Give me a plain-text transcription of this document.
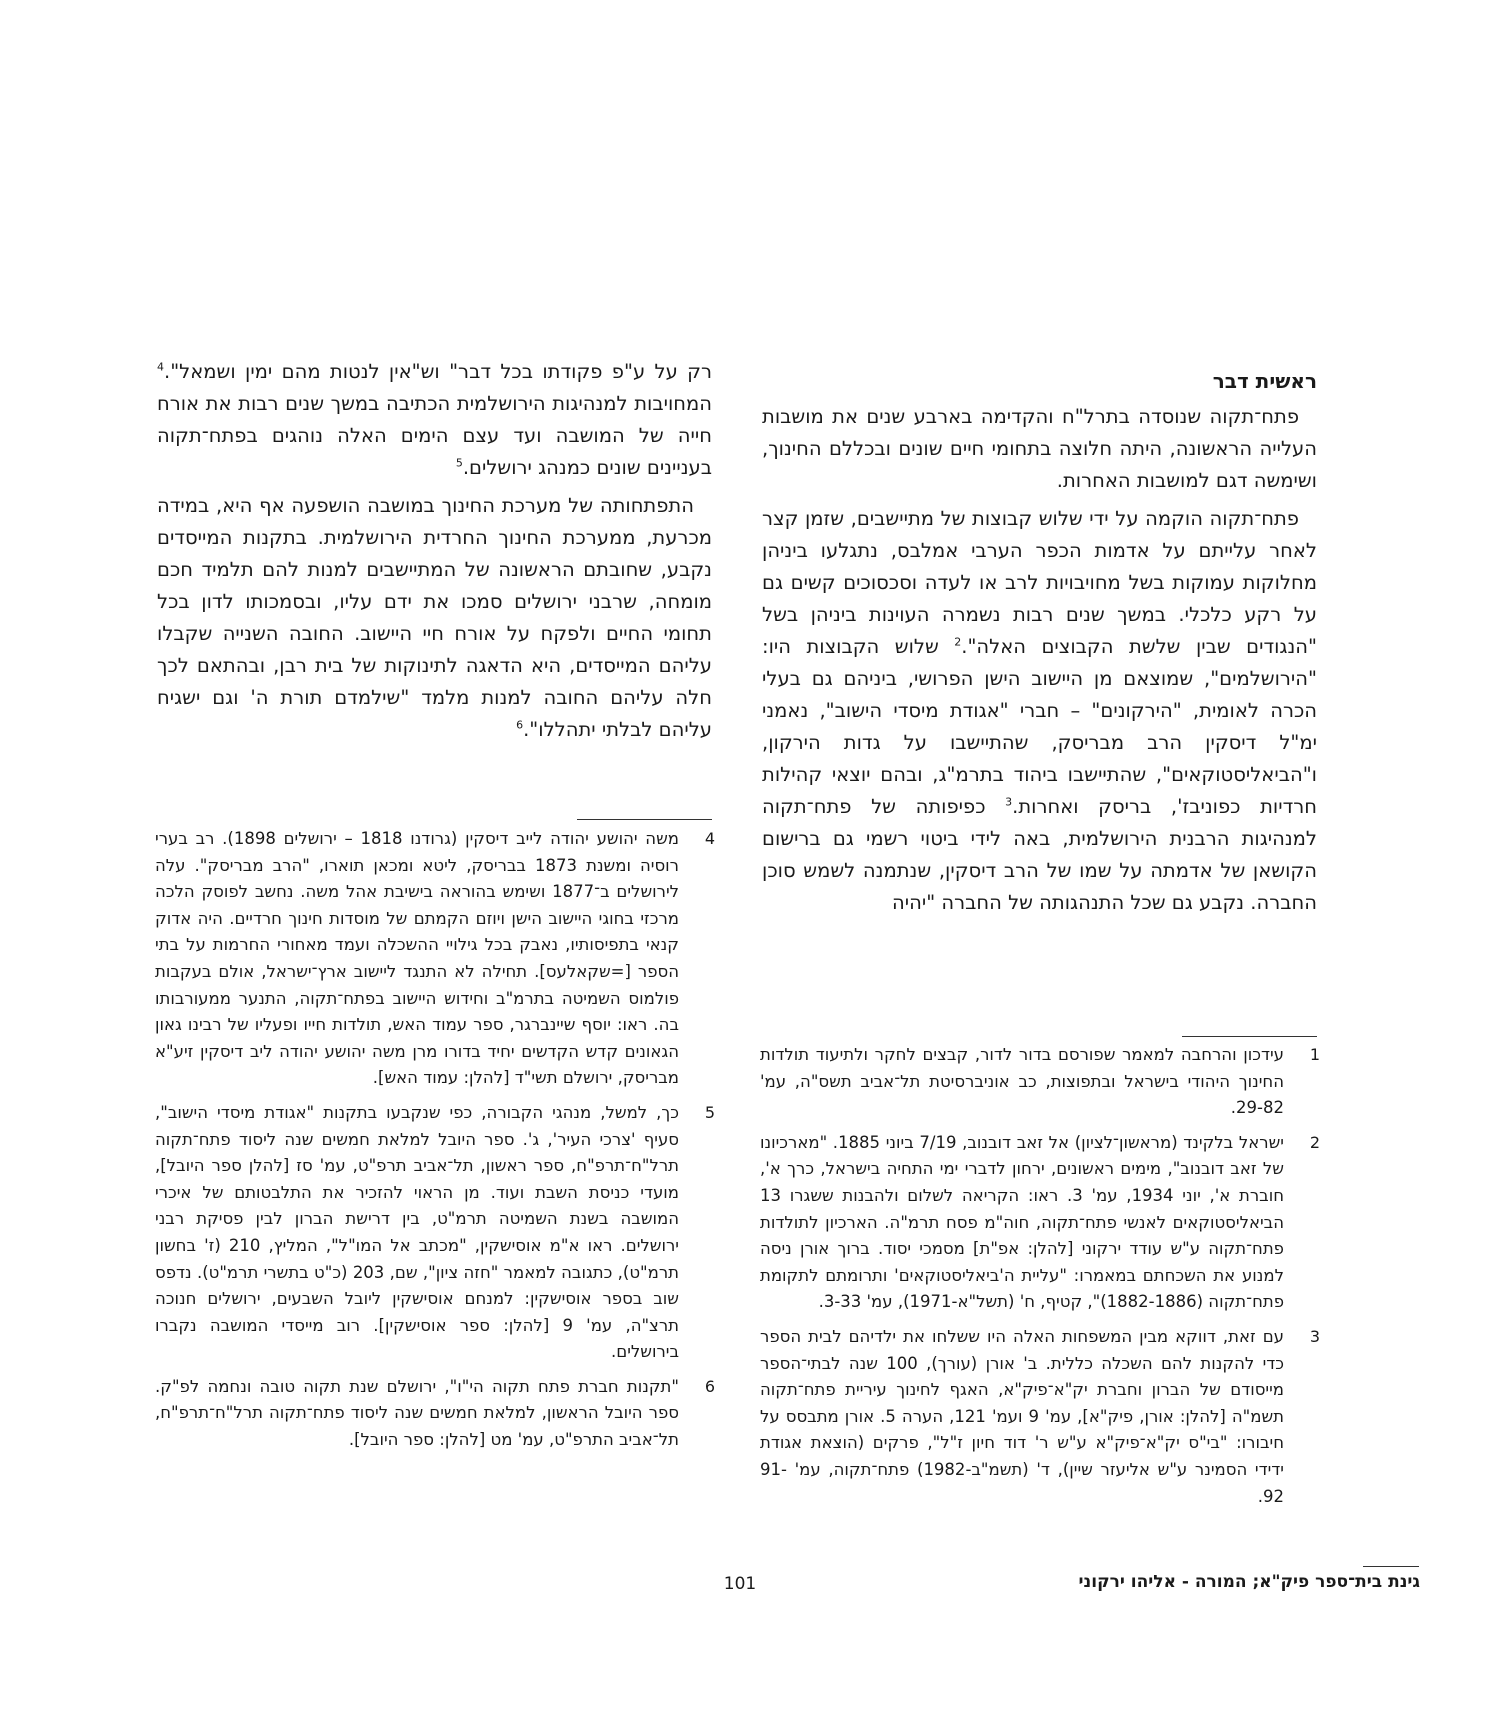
ראשית דבר

פתח־תקוה שנוסדה בתרל"ח והקדימה בארבע שנים את מושבות העלייה הראשונה, היתה חלוצה בתחומי חיים שונים ובכללם החינוך, ושימשה דגם למושבות האחרות.

פתח־תקוה הוקמה על ידי שלוש קבוצות של מתיישבים, שזמן קצר לאחר עלייתם על אדמות הכפר הערבי אמלבס, נתגלעו ביניהן מחלוקות עמוקות בשל מחויבויות לרב או לעדה וסכסוכים קשים גם על רקע כלכלי. במשך שנים רבות נשמרה העוינות ביניהן בשל "הנגודים שבין שלשת הקבוצים האלה".$^2$ שלוש הקבוצות היו: "הירושלמים", שמוצאם מן היישוב הישן הפרושי, ביניהם גם בעלי הכרה לאומית, "הירקונים" – חברי "אגודת מיסדי הישוב", נאמני ימ"ל דיסקין הרב מבריסק, שהתיישבו על גדות הירקון, ו"הביאליסטוקאים", שהתיישבו ביהוד בתרמ"ג, ובהם יוצאי קהילות חרדיות כפוניבז', בריסק ואחרות.$^3$ כפיפותה של פתח־תקוה למנהיגות הרבנית הירושלמית, באה לידי ביטוי רשמי גם ברישום הקושאן של אדמתה על שמו של הרב דיסקין, שנתמנה לשמש סוכן החברה. נקבע גם שכל התנהגותה של החברה "יהיה

רק על ע"פ פקודתו בכל דבר" וש"אין לנטות מהם ימין ושמאל".$^4$ המחויבות למנהיגות הירושלמית הכתיבה במשך שנים רבות את אורח חייה של המושבה ועד עצם הימים האלה נוהגים בפתח־תקוה בעניינים שונים כמנהג ירושלים.$^5$

התפתחותה של מערכת החינוך במושבה הושפעה אף היא, במידה מכרעת, ממערכת החינוך החרדית הירושלמית. בתקנות המייסדים נקבע, שחובתם הראשונה של המתיישבים למנות להם תלמיד חכם מומחה, שרבני ירושלים סמכו את ידם עליו, ובסמכותו לדון בכל תחומי החיים ולפקח על אורח חיי היישוב. החובה השנייה שקבלו עליהם המייסדים, היא הדאגה לתינוקות של בית רבן, ובהתאם לכך חלה עליהם החובה למנות מלמד "שילמדם תורת ה' וגם ישגיח עליהם לבלתי יתהללו".$^6$

1
עידכון והרחבה למאמר שפורסם בדור לדור, קבצים לחקר ולתיעוד תולדות החינוך היהודי בישראל ובתפוצות, כב אוניברסיטת תל־אביב תשס"ה, עמ' 29-82.
2
ישראל בלקינד (מראשון־לציון) אל זאב דובנוב, 7/19 ביוני 1885. "מארכיונו של זאב דובנוב", מימים ראשונים, ירחון לדברי ימי התחיה בישראל, כרך א', חוברת א', יוני 1934, עמ' 3. ראו: הקריאה לשלום ולהבנות ששגרו 13 הביאליסטוקאים לאנשי פתח־תקוה, חוה"מ פסח תרמ"ה. הארכיון לתולדות פתח־תקוה ע"ש עודד ירקוני [להלן: אפ"ת] מסמכי יסוד. ברוך אורן ניסה למנוע את השכחתם במאמרו: "עליית ה'ביאליסטוקאים' ותרומתם לתקומת פתח־תקוה (1882-1886)", קטיף, ח' (תשל"א-1971), עמ' 3-33.
3
עם זאת, דווקא מבין המשפחות האלה היו ששלחו את ילדיהם לבית הספר כדי להקנות להם השכלה כללית. ב' אורן (עורך), 100 שנה לבתי־הספר מייסודם של הברון וחברת יק"א־פיק"א, האגף לחינוך עיריית פתח־תקוה תשמ"ה [להלן: אורן, פיק"א], עמ' 9 ועמ' 121, הערה 5. אורן מתבסס על חיבורו: "בי"ס יק"א־פיק"א ע"ש ר' דוד חיון ז"ל", פרקים (הוצאת אגודת ידידי הסמינר ע"ש אליעזר שיין), ד' (תשמ"ב-1982) פתח־תקוה, עמ' 91-92.
4
משה יהושע יהודה לייב דיסקין (גרודנו 1818 – ירושלים 1898). רב בערי רוסיה ומשנת 1873 בבריסק, ליטא ומכאן תוארו, "הרב מבריסק". עלה לירושלים ב־1877 ושימש בהוראה בישיבת אהל משה. נחשב לפוסק הלכה מרכזי בחוגי היישוב הישן ויוזם הקמתם של מוסדות חינוך חרדיים. היה אדוק קנאי בתפיסותיו, נאבק בכל גילויי ההשכלה ועמד מאחורי החרמות על בתי הספר [=שקאלעס]. תחילה לא התנגד ליישוב ארץ־ישראל, אולם בעקבות פולמוס השמיטה בתרמ"ב וחידוש היישוב בפתח־תקוה, התנער ממעורבותו בה. ראו: יוסף שיינברגר, ספר עמוד האש, תולדות חייו ופעליו של רבינו גאון הגאונים קדש הקדשים יחיד בדורו מרן משה יהושע יהודה ליב דיסקין זיע"א מבריסק, ירושלם תשי"ד [להלן: עמוד האש].
5
כך, למשל, מנהגי הקבורה, כפי שנקבעו בתקנות "אגודת מיסדי הישוב", סעיף 'צרכי העיר', ג'. ספר היובל למלאת חמשים שנה ליסוד פתח־תקוה תרל"ח־תרפ"ח, ספר ראשון, תל־אביב תרפ"ט, עמ' סז [להלן ספר היובל], מועדי כניסת השבת ועוד. מן הראוי להזכיר את התלבטותם של איכרי המושבה בשנת השמיטה תרמ"ט, בין דרישת הברון לבין פסיקת רבני ירושלים. ראו א"מ אוסישקין, "מכתב אל המו"ל", המליץ, 210 (ז' בחשון תרמ"ט), כתגובה למאמר "חזה ציון", שם, 203 (כ"ט בתשרי תרמ"ט). נדפס שוב בספר אוסישקין: למנחם אוסישקין ליובל השבעים, ירושלים חנוכה תרצ"ה, עמ' 9 [להלן: ספר אוסישקין]. רוב מייסדי המושבה נקברו בירושלים.
6
"תקנות חברת פתח תקוה הי"ו", ירושלם שנת תקוה טובה ונחמה לפ"ק. ספר היובל הראשון, למלאת חמשים שנה ליסוד פתח־תקוה תרל"ח־תרפ"ח, תל־אביב התרפ"ט, עמ' מט [להלן: ספר היובל].
גינת בית־ספר פיק"א; המורה - אליהו ירקוני
101
